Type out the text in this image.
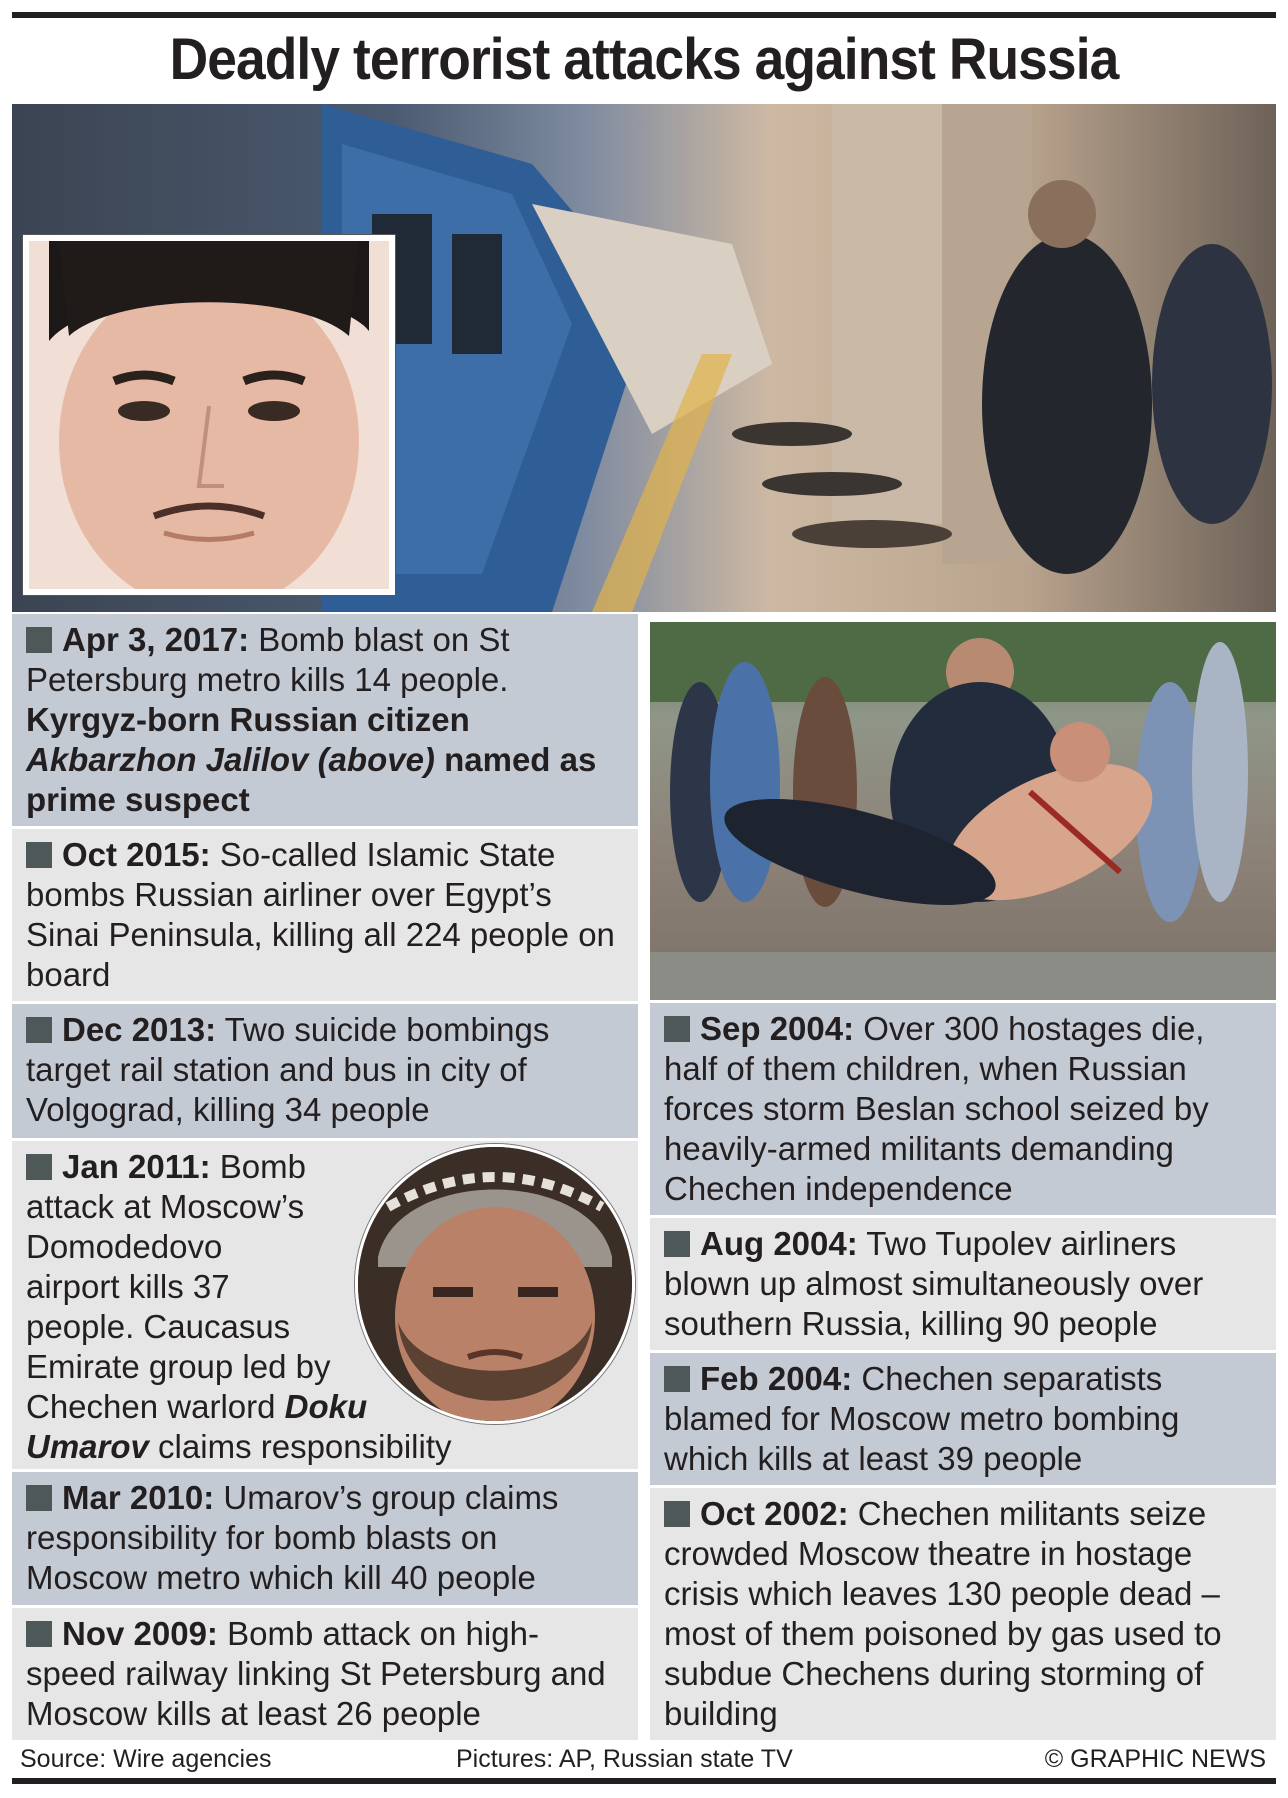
Deadly terrorist attacks against Russia
Apr 3, 2017: Bomb blast on St Petersburg metro kills 14 people. Kyrgyz-born Russian citizen Akbarzhon Jalilov (above) named as prime suspect
Oct 2015: So-called Islamic State bombs Russian airliner over Egypt’s Sinai Peninsula, killing all 224 people on board
Dec 2013: Two suicide bombings target rail station and bus in city of Volgograd, killing 34 people
Jan 2011: Bomb attack at Moscow’s Domodedovo airport kills 37 people. Caucasus Emirate group led by Chechen warlord Doku Umarov claims responsibility
Mar 2010: Umarov’s group claims responsibility for bomb blasts on Moscow metro which kill 40 people
Nov 2009: Bomb attack on high-speed railway linking St Petersburg and Moscow kills at least 26 people
Sep 2004: Over 300 hostages die, half of them children, when Russian forces storm Beslan school seized by heavily-armed militants demanding Chechen independence
Aug 2004: Two Tupolev airliners blown up almost simultaneously over southern Russia, killing 90 people
Feb 2004: Chechen separatists blamed for Moscow metro bombing which kills at least 39 people
Oct 2002: Chechen militants seize crowded Moscow theatre in hostage crisis which leaves 130 people dead – most of them poisoned by gas used to subdue Chechens during storming of building
Source: Wire agencies	Pictures: AP, Russian state TV	© GRAPHIC NEWS
